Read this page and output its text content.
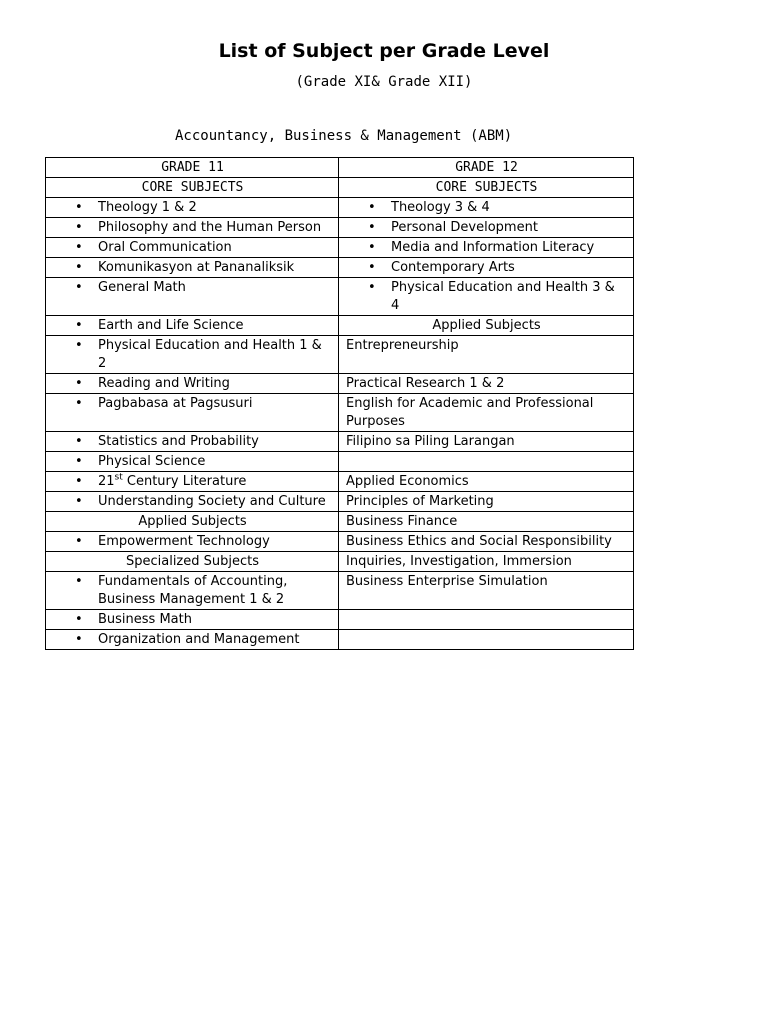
List of Subject per Grade Level
(Grade XI& Grade XII)
Accountancy, Business & Management (ABM)
GRADE 11	GRADE 12
CORE SUBJECTS	CORE SUBJECTS

• Theology 1 & 2	• Theology 3 & 4

• Philosophy and the Human Person	• Personal Development

• Oral Communication	• Media and Information Literacy

• Komunikasyon at Pananaliksik	• Contemporary Arts

• General Math	• Physical Education and Health 3 & 4

• Earth and Life Science	Applied Subjects

• Physical Education and Health 1 & 2	Entrepreneurship

• Reading and Writing	Practical Research 1 & 2

• Pagbabasa at Pagsusuri	English for Academic and Professional Purposes

• Statistics and Probability	Filipino sa Piling Larangan

• Physical Science	

• 21st Century Literature	Applied Economics

• Understanding Society and Culture	Principles of Marketing
Applied Subjects	Business Finance

• Empowerment Technology	Business Ethics and Social Responsibility
Specialized Subjects	Inquiries, Investigation, Immersion

• Fundamentals of Accounting, Business Management 1 & 2	Business Enterprise Simulation

• Business Math	

• Organization and Management	
